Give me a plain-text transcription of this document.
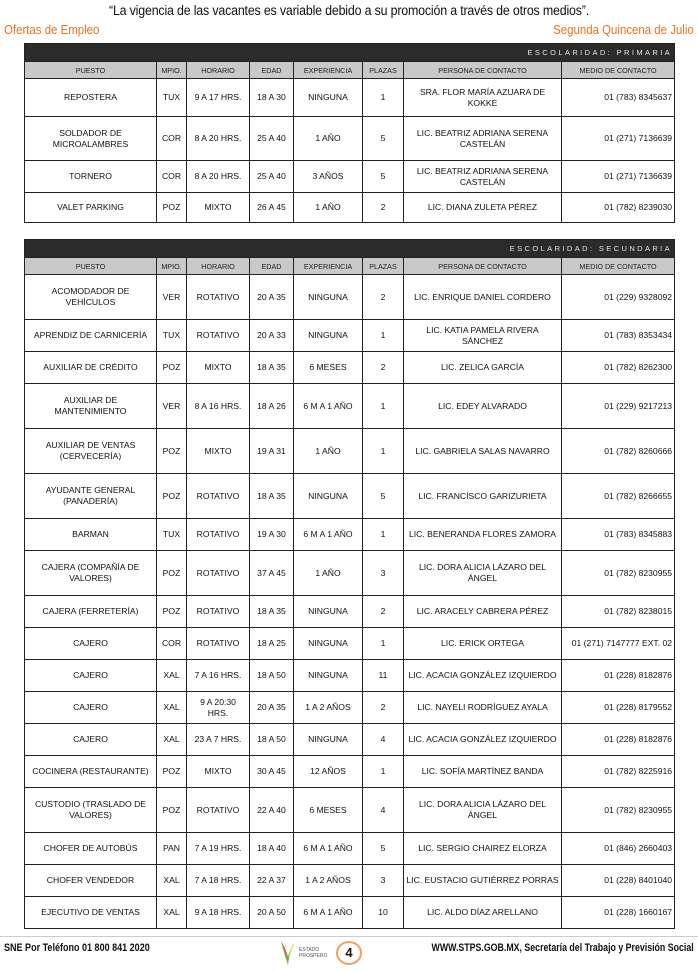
“La vigencia de las vacantes es variable debido a su promoción a través de otros medios”.
Ofertas de Empleo	Segunda Quincena de Julio
ESCOLARIDAD: PRIMARIA							
PUESTO	MPIO.	HORARIO	EDAD	EXPERIENCIA	PLAZAS	PERSONA DE CONTACTO	MEDIO DE CONTACTO
REPOSTERA	TUX	9 A 17 HRS.	18 A 30	NINGUNA	1	SRA. FLOR MARÍA AZUARA DE KOKKE	01 (783) 8345637
SOLDADOR DE MICROALAMBRES	COR	8 A 20 HRS.	25 A 40	1 AÑO	5	LIC. BEATRIZ ADRIANA SERENA CASTELÁN	01 (271) 7136639
TORNERO	COR	8 A 20 HRS.	25 A 40	3 AÑOS	5	LIC. BEATRIZ ADRIANA SERENA CASTELÁN	01 (271) 7136639
VALET PARKING	POZ	MIXTO	26 A 45	1 AÑO	2	LIC. DIANA ZULETA PÉREZ	01 (782) 8239030
ESCOLARIDAD: SECUNDARIA							
PUESTO	MPIO.	HORARIO	EDAD	EXPERIENCIA	PLAZAS	PERSONA DE CONTACTO	MEDIO DE CONTACTO
ACOMODADOR DE VEHÍCULOS	VER	ROTATIVO	20 A 35	NINGUNA	2	LIC. ENRIQUE DANIEL CORDERO	01 (229) 9328092
APRENDIZ DE CARNICERÍA	TUX	ROTATIVO	20 A 33	NINGUNA	1	LIC. KATIA PAMELA RIVERA SÁNCHEZ	01 (783) 8353434
AUXILIAR DE CRÉDITO	POZ	MIXTO	18 A 35	6 MESES	2	LIC. ZELICA GARCÍA	01 (782) 8262300
AUXILIAR DE MANTENIMIENTO	VER	8 A 16 HRS.	18 A 26	6 M A 1 AÑO	1	LIC. EDEY ALVARADO	01 (229) 9217213
AUXILIAR DE VENTAS (CERVECERÍA)	POZ	MIXTO	19 A 31	1 AÑO	1	LIC. GABRIELA SALAS NAVARRO	01 (782) 8260666
AYUDANTE GENERAL (PANADERÍA)	POZ	ROTATIVO	18 A 35	NINGUNA	5	LIC. FRANCÍSCO GARIZURIETA	01 (782) 8266655
BARMAN	TUX	ROTATIVO	19 A 30	6 M A 1 AÑO	1	LIC. BENERANDA FLORES ZAMORA	01 (783) 8345883
CAJERA (COMPAÑÍA DE VALORES)	POZ	ROTATIVO	37 A 45	1 AÑO	3	LIC. DORA ALICIA LÁZARO DEL ÁNGEL	01 (782) 8230955
CAJERA (FERRETERÍA)	POZ	ROTATIVO	18 A 35	NINGUNA	2	LIC. ARACELY CABRERA PÉREZ	01 (782) 8238015
CAJERO	COR	ROTATIVO	18 A 25	NINGUNA	1	LIC. ERICK ORTEGA	01 (271) 7147777 EXT. 02
CAJERO	XAL	7 A 16 HRS.	18 A 50	NINGUNA	11	LIC. ACACIA GONZÁLEZ IZQUIERDO	01 (228) 8182876
CAJERO	XAL	9 A 20:30 HRS.	20 A 35	1 A 2 AÑOS	2	LIC. NAYELI RODRÍGUEZ AYALA	01 (228) 8179552
CAJERO	XAL	23 A 7 HRS.	18 A 50	NINGUNA	4	LIC. ACACIA GONZÁLEZ IZQUIERDO	01 (228) 8182876
COCINERA (RESTAURANTE)	POZ	MIXTO	30 A 45	12 AÑOS	1	LIC. SOFÍA MARTÍNEZ BANDA	01 (782) 8225916
CUSTODIO (TRASLADO DE VALORES)	POZ	ROTATIVO	22 A 40	6 MESES	4	LIC. DORA ALICIA LÁZARO DEL ÁNGEL	01 (782) 8230955
CHOFER DE AUTOBÚS	PAN	7 A 19 HRS.	18 A 40	6 M A 1 AÑO	5	LIC. SERGIO CHAIREZ ELORZA	01 (846) 2660403
CHOFER VENDEDOR	XAL	7 A 18 HRS.	22 A 37	1 A 2 AÑOS	3	LIC. EUSTACIO GUTIÉRREZ PORRAS	01 (228) 8401040
EJECUTIVO DE VENTAS	XAL	9 A 18 HRS.	20 A 50	6 M A 1 AÑO	10	LIC. ALDO DÍAZ ARELLANO	01 (228) 1660167
SNE Por Teléfono 01 800 841 2020	ESTADO PROSPERO	4	WWW.STPS.GOB.MX, Secretaría del Trabajo y Previsión Social
